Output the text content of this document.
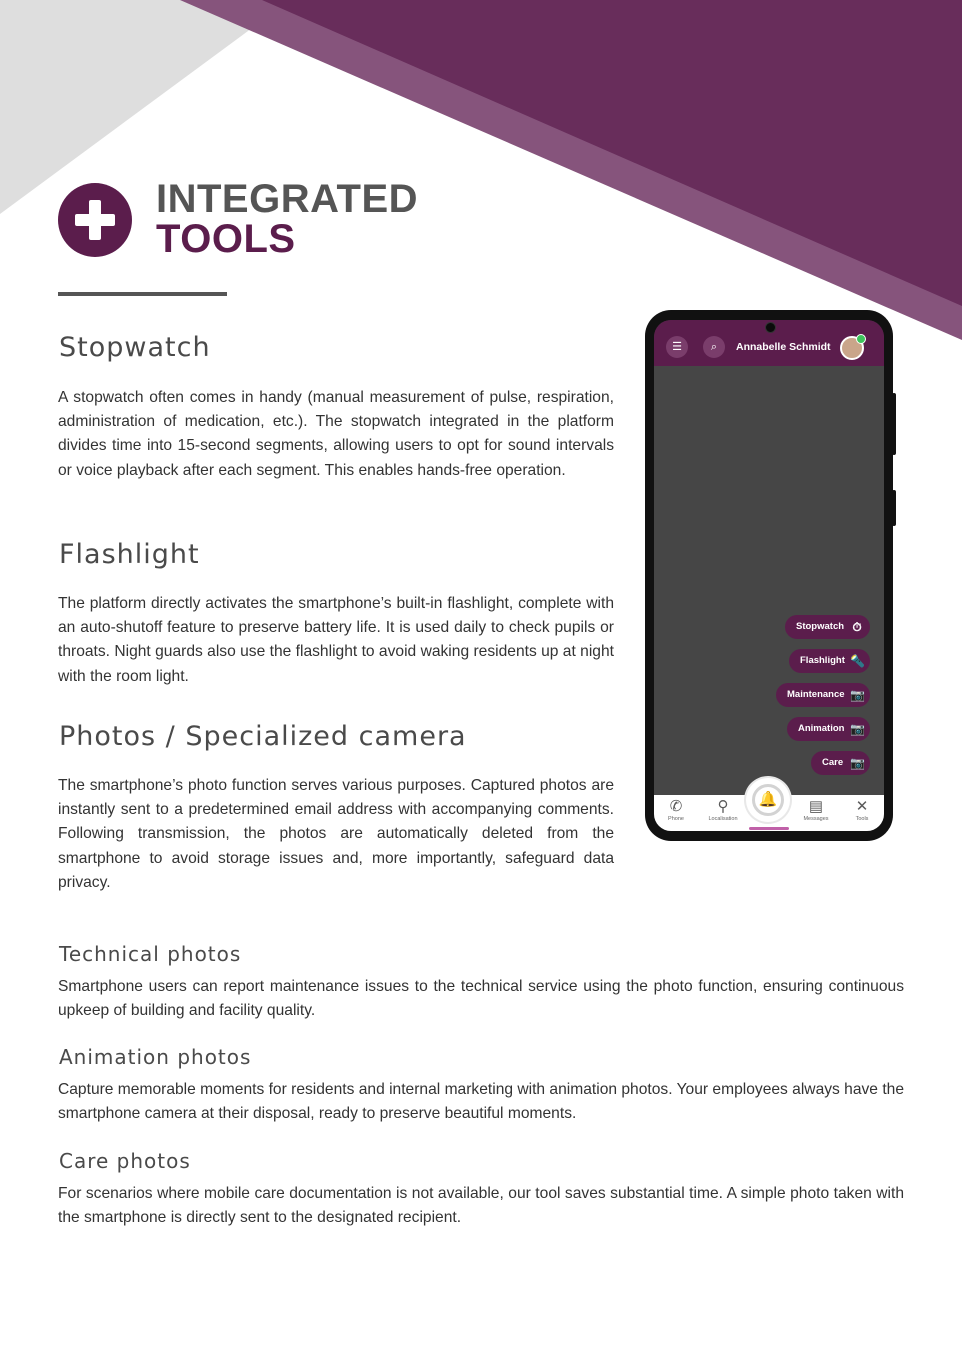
INTEGRATED
TOOLS
Stopwatch
A stopwatch often comes in handy (manual measurement of pulse, respiration, administration of medication, etc.). The stopwatch integrated in the platform divides time into 15-second segments, allowing users to opt for sound intervals or voice playback after each segment. This enables hands-free operation.
Flashlight
The platform directly activates the smartphone’s built-in flashlight, complete with an auto-shutoff feature to preserve battery life. It is used daily to check pupils or throats. Night guards also use the flashlight to avoid waking residents up at night with the room light.
Photos / Specialized camera
The smartphone’s photo function serves various purposes. Captured photos are instantly sent to a predetermined email address with accompanying comments. Following transmission, the photos are automatically deleted from the smartphone to avoid storage issues and, more importantly, safeguard data privacy.
Technical photos
Smartphone users can report maintenance issues to the technical service using the photo function, ensuring continuous upkeep of building and facility quality.
Animation photos
Capture memorable moments for residents and internal marketing with animation photos. Your employees always have the smartphone camera at their disposal, ready to preserve beautiful moments.
Care photos
For scenarios where mobile care documentation is not available, our tool saves substantial time. A simple photo taken with the smartphone is directly sent to the designated recipient.
☰	⌕	Annabelle Schmidt
Stopwatch ⏱
Flashlight 🔦
Maintenance 📷
Animation 📷
Care 📷
✆
Phone
⚲
Localisation
▤
Messages
✕
Tools
🔔
